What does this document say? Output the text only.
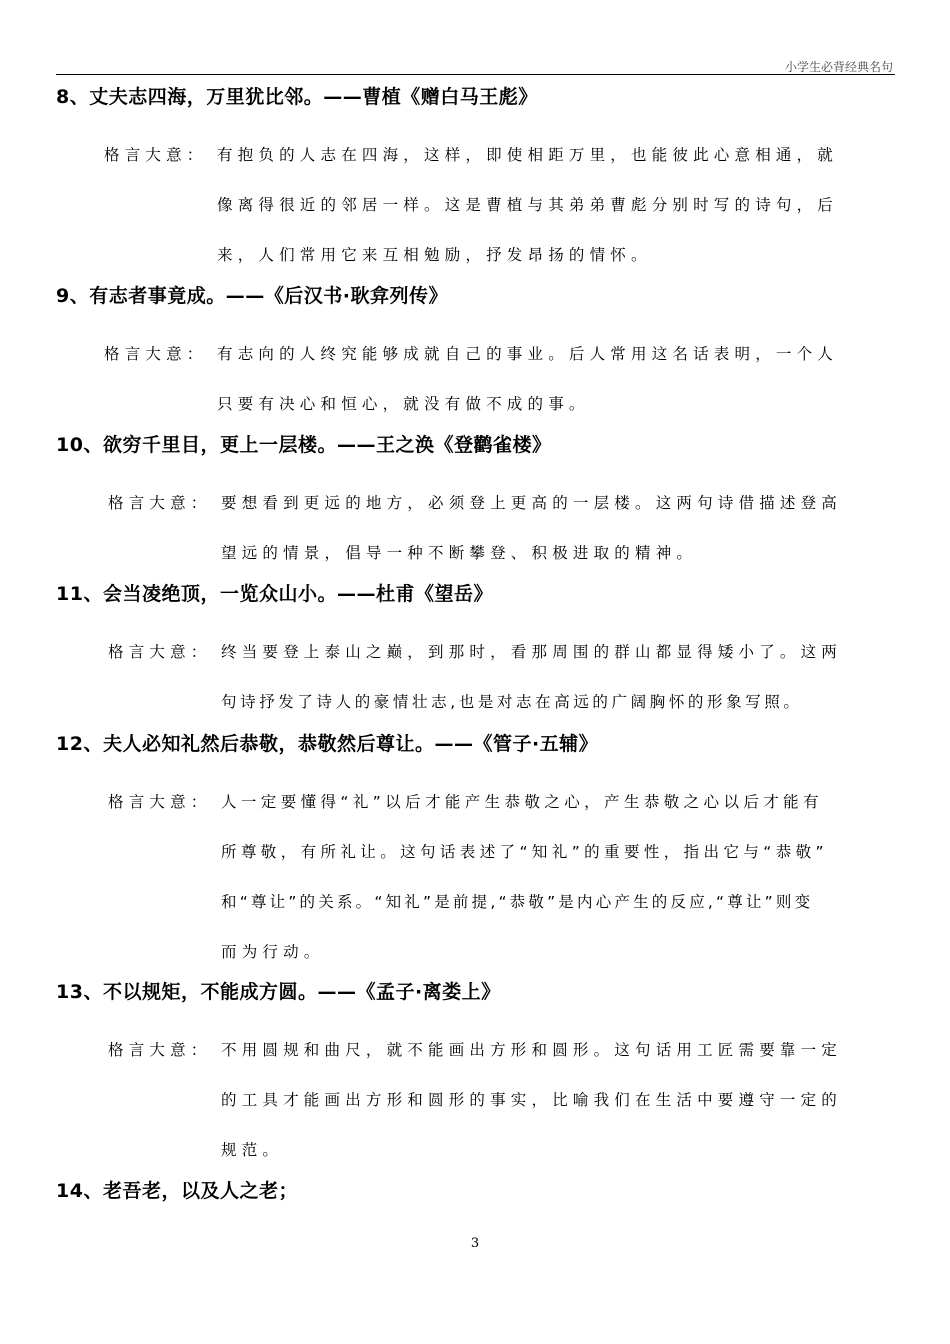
小学生必背经典名句
8、丈夫志四海，万里犹比邻。——曹植《赠白马王彪》
格言大意： 有抱负的人志在四海，这样，即使相距万里，也能彼此心意相通，就
像离得很近的邻居一样。这是曹植与其弟弟曹彪分别时写的诗句，后
来，人们常用它来互相勉励，抒发昂扬的情怀。
9、有志者事竟成。——《后汉书·耿弇列传》
格言大意： 有志向的人终究能够成就自己的事业。后人常用这名话表明，一个人
只要有决心和恒心，就没有做不成的事。
10、欲穷千里目，更上一层楼。——王之涣《登鹳雀楼》
格言大意： 要想看到更远的地方，必须登上更高的一层楼。这两句诗借描述登高
望远的情景，倡导一种不断攀登、积极进取的精神。
11、会当凌绝顶，一览众山小。——杜甫《望岳》
格言大意： 终当要登上泰山之巅，到那时，看那周围的群山都显得矮小了。这两
句诗抒发了诗人的豪情壮志,也是对志在高远的广阔胸怀的形象写照。
12、夫人必知礼然后恭敬，恭敬然后尊让。——《管子·五辅》
格言大意： 人一定要懂得“礼”以后才能产生恭敬之心，产生恭敬之心以后才能有
所尊敬，有所礼让。这句话表述了“知礼”的重要性，指出它与“恭敬”
和“尊让”的关系。“知礼”是前提,“恭敬”是内心产生的反应,“尊让”则变
而为行动。
13、不以规矩，不能成方圆。——《孟子·离娄上》
格言大意： 不用圆规和曲尺，就不能画出方形和圆形。这句话用工匠需要靠一定
的工具才能画出方形和圆形的事实，比喻我们在生活中要遵守一定的
规范。
14、老吾老，以及人之老；
3
